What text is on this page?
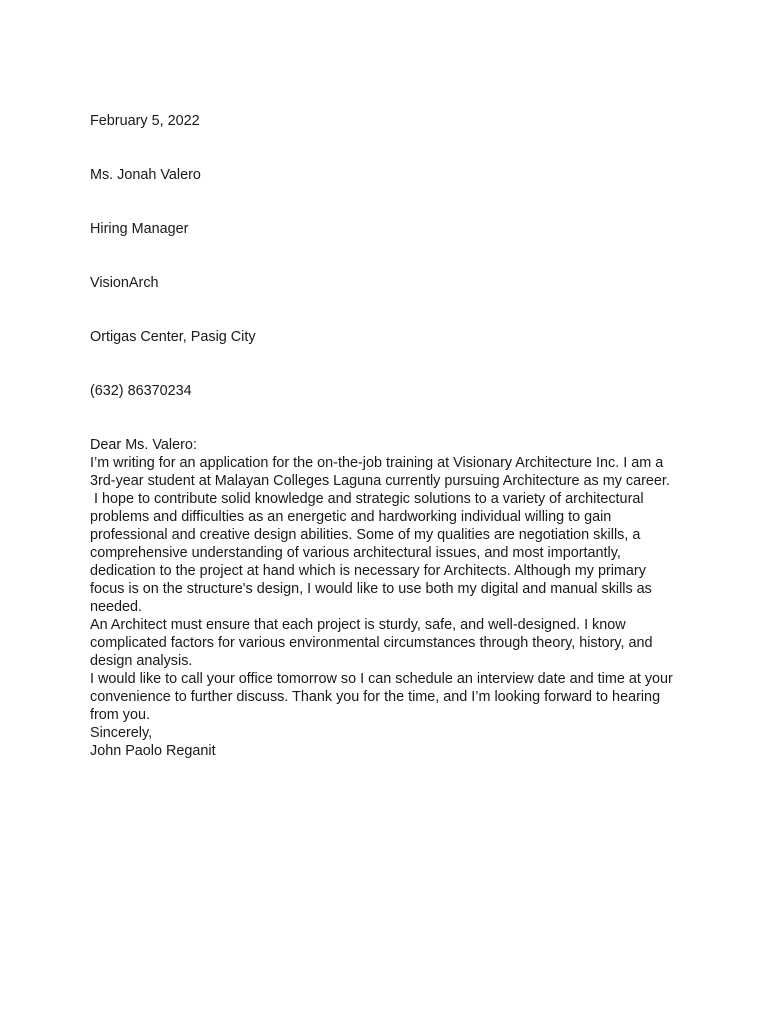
February 5, 2022

Ms. Jonah Valero

Hiring Manager

VisionArch

Ortigas Center, Pasig City

(632) 86370234

Dear Ms. Valero:

I’m writing for an application for the on-the-job training at Visionary Architecture Inc. I am a 3rd-year student at Malayan Colleges Laguna currently pursuing Architecture as my career.

I hope to contribute solid knowledge and strategic solutions to a variety of architectural problems and difficulties as an energetic and hardworking individual willing to gain professional and creative design abilities. Some of my qualities are negotiation skills, a comprehensive understanding of various architectural issues, and most importantly, dedication to the project at hand which is necessary for Architects. Although my primary focus is on the structure's design, I would like to use both my digital and manual skills as needed.

An Architect must ensure that each project is sturdy, safe, and well-designed. I know complicated factors for various environmental circumstances through theory, history, and design analysis.

I would like to call your office tomorrow so I can schedule an interview date and time at your convenience to further discuss. Thank you for the time, and I’m looking forward to hearing from you.

Sincerely,

John Paolo Reganit
